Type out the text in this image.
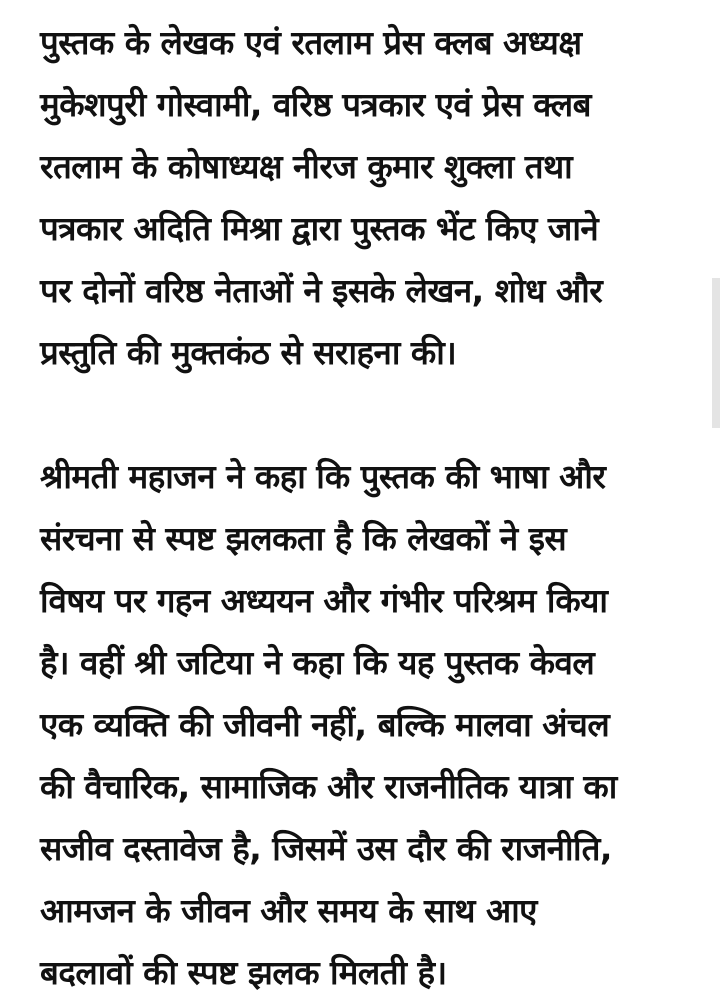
पुस्तक के लेखक एवं रतलाम प्रेस क्लब अध्यक्ष
मुकेशपुरी गोस्वामी, वरिष्ठ पत्रकार एवं प्रेस क्लब
रतलाम के कोषाध्यक्ष नीरज कुमार शुक्ला तथा
पत्रकार अदिति मिश्रा द्वारा पुस्तक भेंट किए जाने
पर दोनों वरिष्ठ नेताओं ने इसके लेखन, शोध और
प्रस्तुति की मुक्तकंठ से सराहना की।
श्रीमती महाजन ने कहा कि पुस्तक की भाषा और
संरचना से स्पष्ट झलकता है कि लेखकों ने इस
विषय पर गहन अध्ययन और गंभीर परिश्रम किया
है। वहीं श्री जटिया ने कहा कि यह पुस्तक केवल
एक व्यक्ति की जीवनी नहीं, बल्कि मालवा अंचल
की वैचारिक, सामाजिक और राजनीतिक यात्रा का
सजीव दस्तावेज है, जिसमें उस दौर की राजनीति,
आमजन के जीवन और समय के साथ आए
बदलावों की स्पष्ट झलक मिलती है।
